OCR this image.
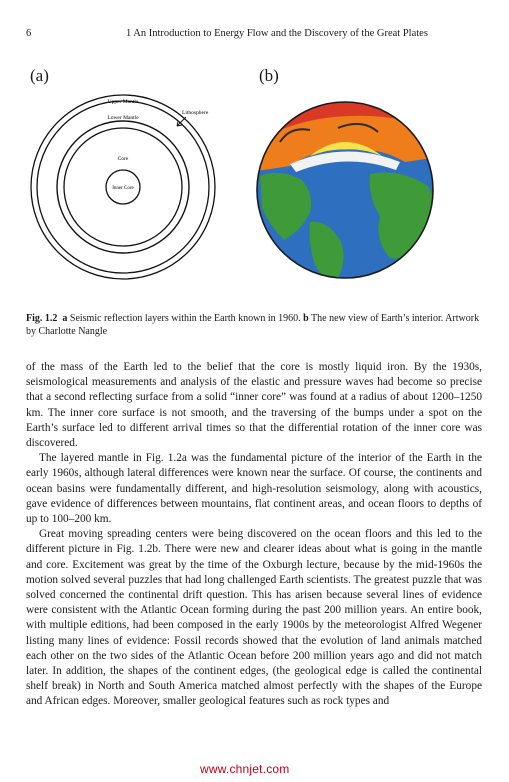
6	1 An Introduction to Energy Flow and the Discovery of the Great Plates
(a)	(b)
Upper Mantle
Lower Mantle
Lithosphere
Core
Inner Core
Fig. 1.2 a Seismic reflection layers within the Earth known in 1960. b The new view of Earth’s interior. Artwork by Charlotte Nangle

of the mass of the Earth led to the belief that the core is mostly liquid iron. By the 1930s, seismological measurements and analysis of the elastic and pressure waves had become so precise that a second reflecting surface from a solid “inner core” was found at a radius of about 1200–1250 km. The inner core surface is not smooth, and the traversing of the bumps under a spot on the Earth’s surface led to different arrival times so that the differential rotation of the inner core was discovered.

The layered mantle in Fig. 1.2a was the fundamental picture of the interior of the Earth in the early 1960s, although lateral differences were known near the surface. Of course, the continents and ocean basins were fundamentally different, and high-resolution seismology, along with acoustics, gave evidence of differences between mountains, flat continent areas, and ocean floors to depths of up to 100–200 km.

Great moving spreading centers were being discovered on the ocean floors and this led to the different picture in Fig. 1.2b. There were new and clearer ideas about what is going in the mantle and core. Excitement was great by the time of the Oxburgh lecture, because by the mid-1960s the motion solved several puzzles that had long challenged Earth scientists. The greatest puzzle that was solved concerned the continental drift question. This has arisen because several lines of evidence were consistent with the Atlantic Ocean forming during the past 200 million years. An entire book, with multiple editions, had been composed in the early 1900s by the meteorologist Alfred Wegener listing many lines of evidence: Fossil records showed that the evolution of land animals matched each other on the two sides of the Atlantic Ocean before 200 million years ago and did not match later. In addition, the shapes of the continent edges, (the geological edge is called the continental shelf break) in North and South America matched almost perfectly with the shapes of the Europe and African edges. Moreover, smaller geological features such as rock types and

www.chnjet.com
